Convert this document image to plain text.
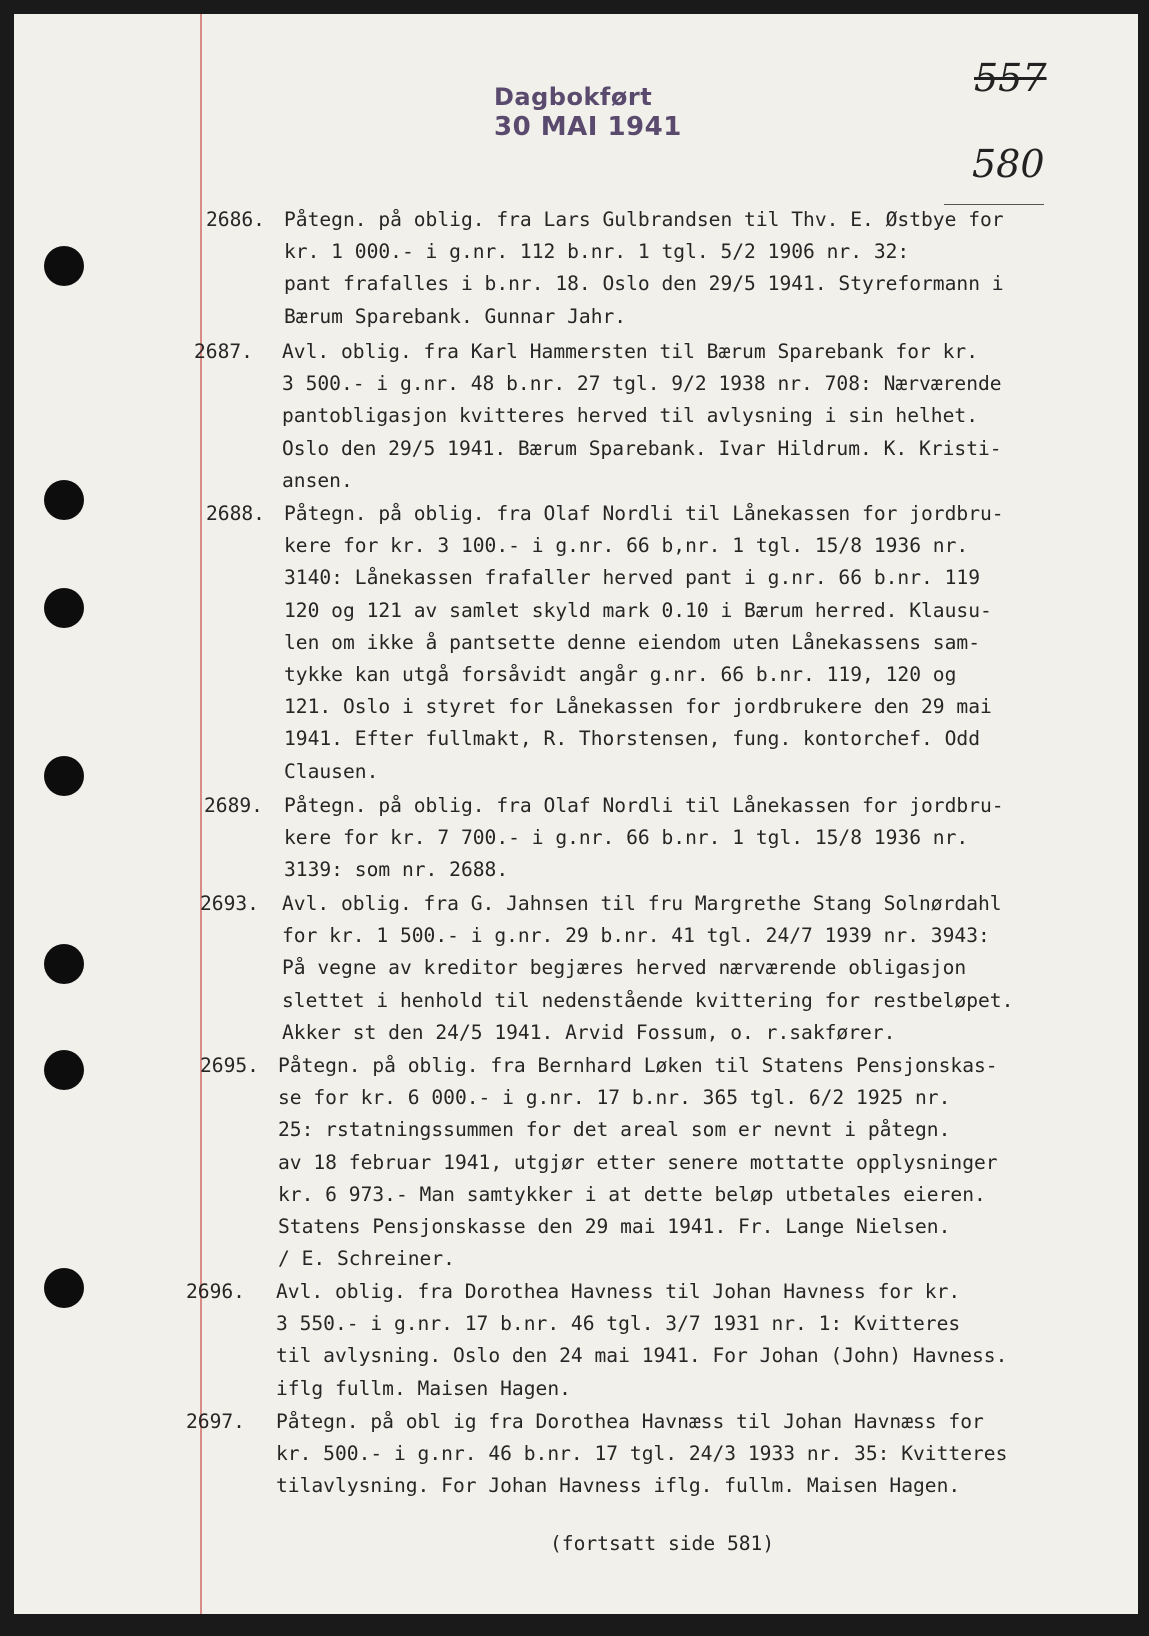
Dagbokført
30 MAI 1941
557
580
2686. Påtegn. på oblig. fra Lars Gulbrandsen til Thv. E. Østbye for
kr. 1 000.- i g.nr. 112 b.nr. 1 tgl. 5/2 1906 nr. 32:
pant frafalles i b.nr. 18. Oslo den 29/5 1941. Styreformann i
Bærum Sparebank. Gunnar Jahr.
2687. Avl. oblig. fra Karl Hammersten til Bærum Sparebank for kr.
3 500.- i g.nr. 48 b.nr. 27 tgl. 9/2 1938 nr. 708: Nærværende
pantobligasjon kvitteres herved til avlysning i sin helhet.
Oslo den 29/5 1941. Bærum Sparebank. Ivar Hildrum. K. Kristi-
ansen.
2688. Påtegn. på oblig. fra Olaf Nordli til Lånekassen for jordbru-
kere for kr. 3 100.- i g.nr. 66 b,nr. 1 tgl. 15/8 1936 nr.
3140: Lånekassen frafaller herved pant i g.nr. 66 b.nr. 119
120 og 121 av samlet skyld mark 0.10 i Bærum herred. Klausu-
len om ikke å pantsette denne eiendom uten Lånekassens sam-
tykke kan utgå forsåvidt angår g.nr. 66 b.nr. 119, 120 og
121. Oslo i styret for Lånekassen for jordbrukere den 29 mai
1941. Efter fullmakt, R. Thorstensen, fung. kontorchef. Odd
Clausen.
2689. Påtegn. på oblig. fra Olaf Nordli til Lånekassen for jordbru-
kere for kr. 7 700.- i g.nr. 66 b.nr. 1 tgl. 15/8 1936 nr.
3139: som nr. 2688.
2693. Avl. oblig. fra G. Jahnsen til fru Margrethe Stang Solnørdahl
for kr. 1 500.- i g.nr. 29 b.nr. 41 tgl. 24/7 1939 nr. 3943:
På vegne av kreditor begjæres herved nærværende obligasjon
slettet i henhold til nedenstående kvittering for restbeløpet.
Akker st den 24/5 1941. Arvid Fossum, o. r.sakfører.
2695. Påtegn. på oblig. fra Bernhard Løken til Statens Pensjonskas-
se for kr. 6 000.- i g.nr. 17 b.nr. 365 tgl. 6/2 1925 nr.
25: rstatningssummen for det areal som er nevnt i påtegn.
av 18 februar 1941, utgjør etter senere mottatte opplysninger
kr. 6 973.- Man samtykker i at dette beløp utbetales eieren.
Statens Pensjonskasse den 29 mai 1941. Fr. Lange Nielsen.
/ E. Schreiner.
2696. Avl. oblig. fra Dorothea Havness til Johan Havness for kr.
3 550.- i g.nr. 17 b.nr. 46 tgl. 3/7 1931 nr. 1: Kvitteres
til avlysning. Oslo den 24 mai 1941. For Johan (John) Havness.
iflg fullm. Maisen Hagen.
2697. Påtegn. på obl ig fra Dorothea Havnæss til Johan Havnæss for
kr. 500.- i g.nr. 46 b.nr. 17 tgl. 24/3 1933 nr. 35: Kvitteres
tilavlysning. For Johan Havness iflg. fullm. Maisen Hagen.
(fortsatt side 581)
